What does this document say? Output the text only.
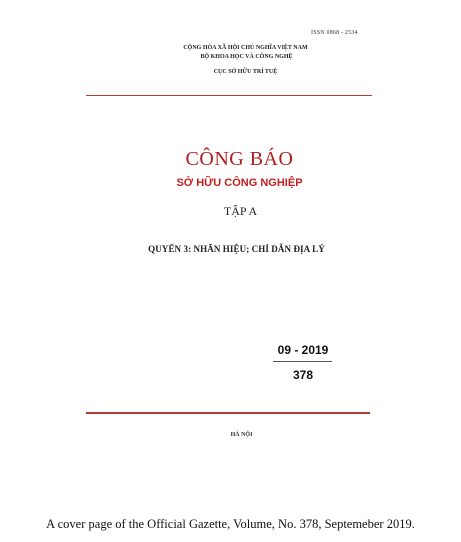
ISSN 0868 - 2534
CỘNG HÒA XÃ HỘI CHỦ NGHĨA VIỆT NAM
BỘ KHOA HỌC VÀ CÔNG NGHỆ
CỤC SỞ HỮU TRÍ TUỆ
CÔNG BÁO
SỞ HỮU CÔNG NGHIỆP
TẬP A
QUYỂN 3: NHÃN HIỆU; CHỈ DẪN ĐỊA LÝ
09 - 2019
378
HÀ NỘI
A cover page of the Official Gazette, Volume, No. 378, Septemeber 2019.
